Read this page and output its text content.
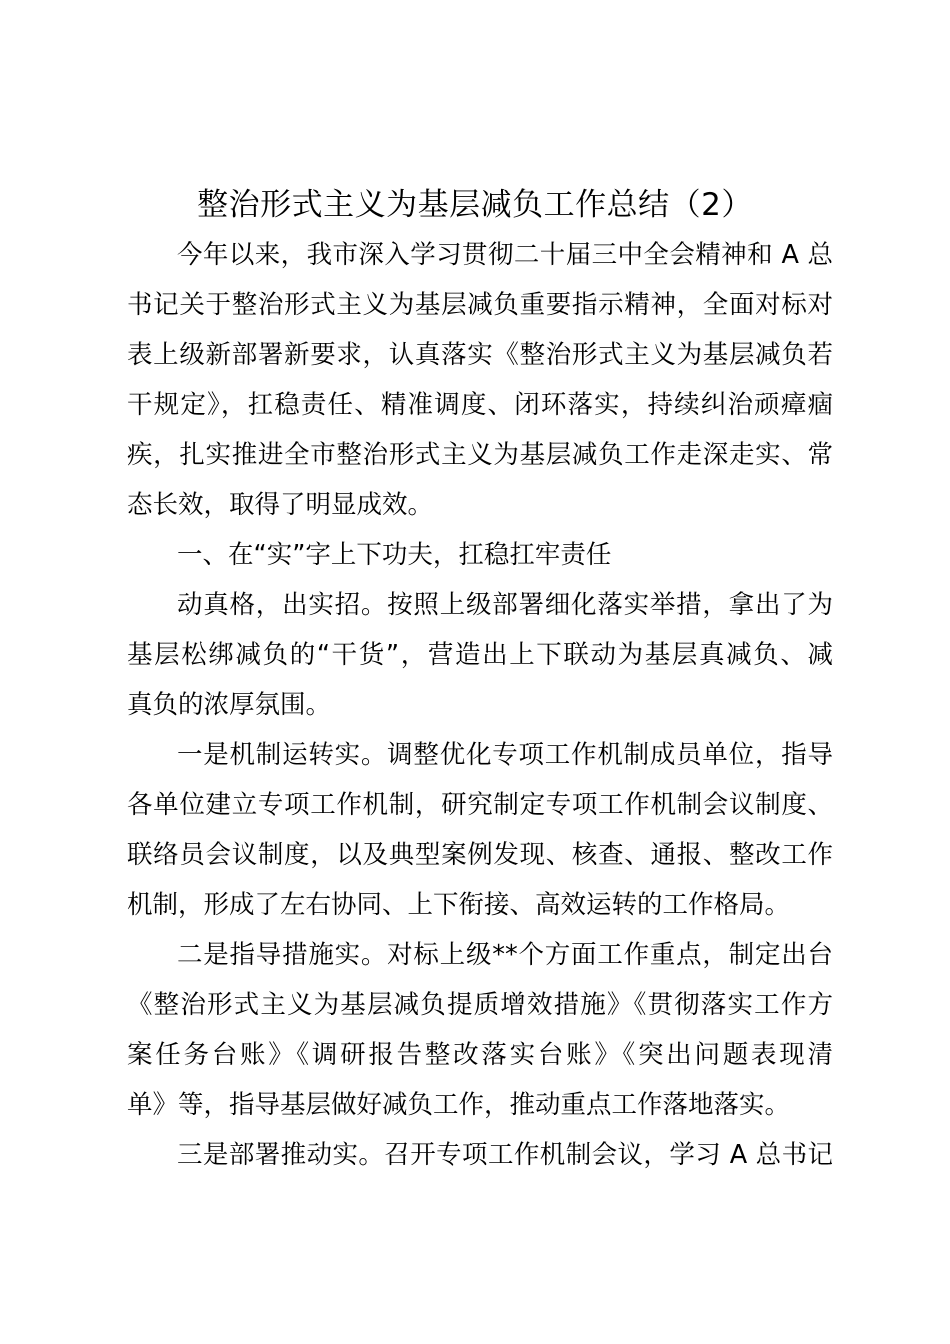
整治形式主义为基层减负工作总结（2）
今年以来，我市深入学习贯彻二十届三中全会精神和 A 总
书记关于整治形式主义为基层减负重要指示精神，全面对标对
表上级新部署新要求，认真落实《整治形式主义为基层减负若
干规定》，扛稳责任、精准调度、闭环落实，持续纠治顽瘴痼
疾，扎实推进全市整治形式主义为基层减负工作走深走实、常
态长效，取得了明显成效。
一、在“实”字上下功夫，扛稳扛牢责任
动真格，出实招。按照上级部署细化落实举措，拿出了为
基层松绑减负的“干货”，营造出上下联动为基层真减负、减
真负的浓厚氛围。
一是机制运转实。调整优化专项工作机制成员单位，指导
各单位建立专项工作机制，研究制定专项工作机制会议制度、
联络员会议制度，以及典型案例发现、核查、通报、整改工作
机制，形成了左右协同、上下衔接、高效运转的工作格局。
二是指导措施实。对标上级**个方面工作重点，制定出台
《整治形式主义为基层减负提质增效措施》《贯彻落实工作方
案任务台账》《调研报告整改落实台账》《突出问题表现清
单》等，指导基层做好减负工作，推动重点工作落地落实。
三是部署推动实。召开专项工作机制会议，学习 A 总书记
